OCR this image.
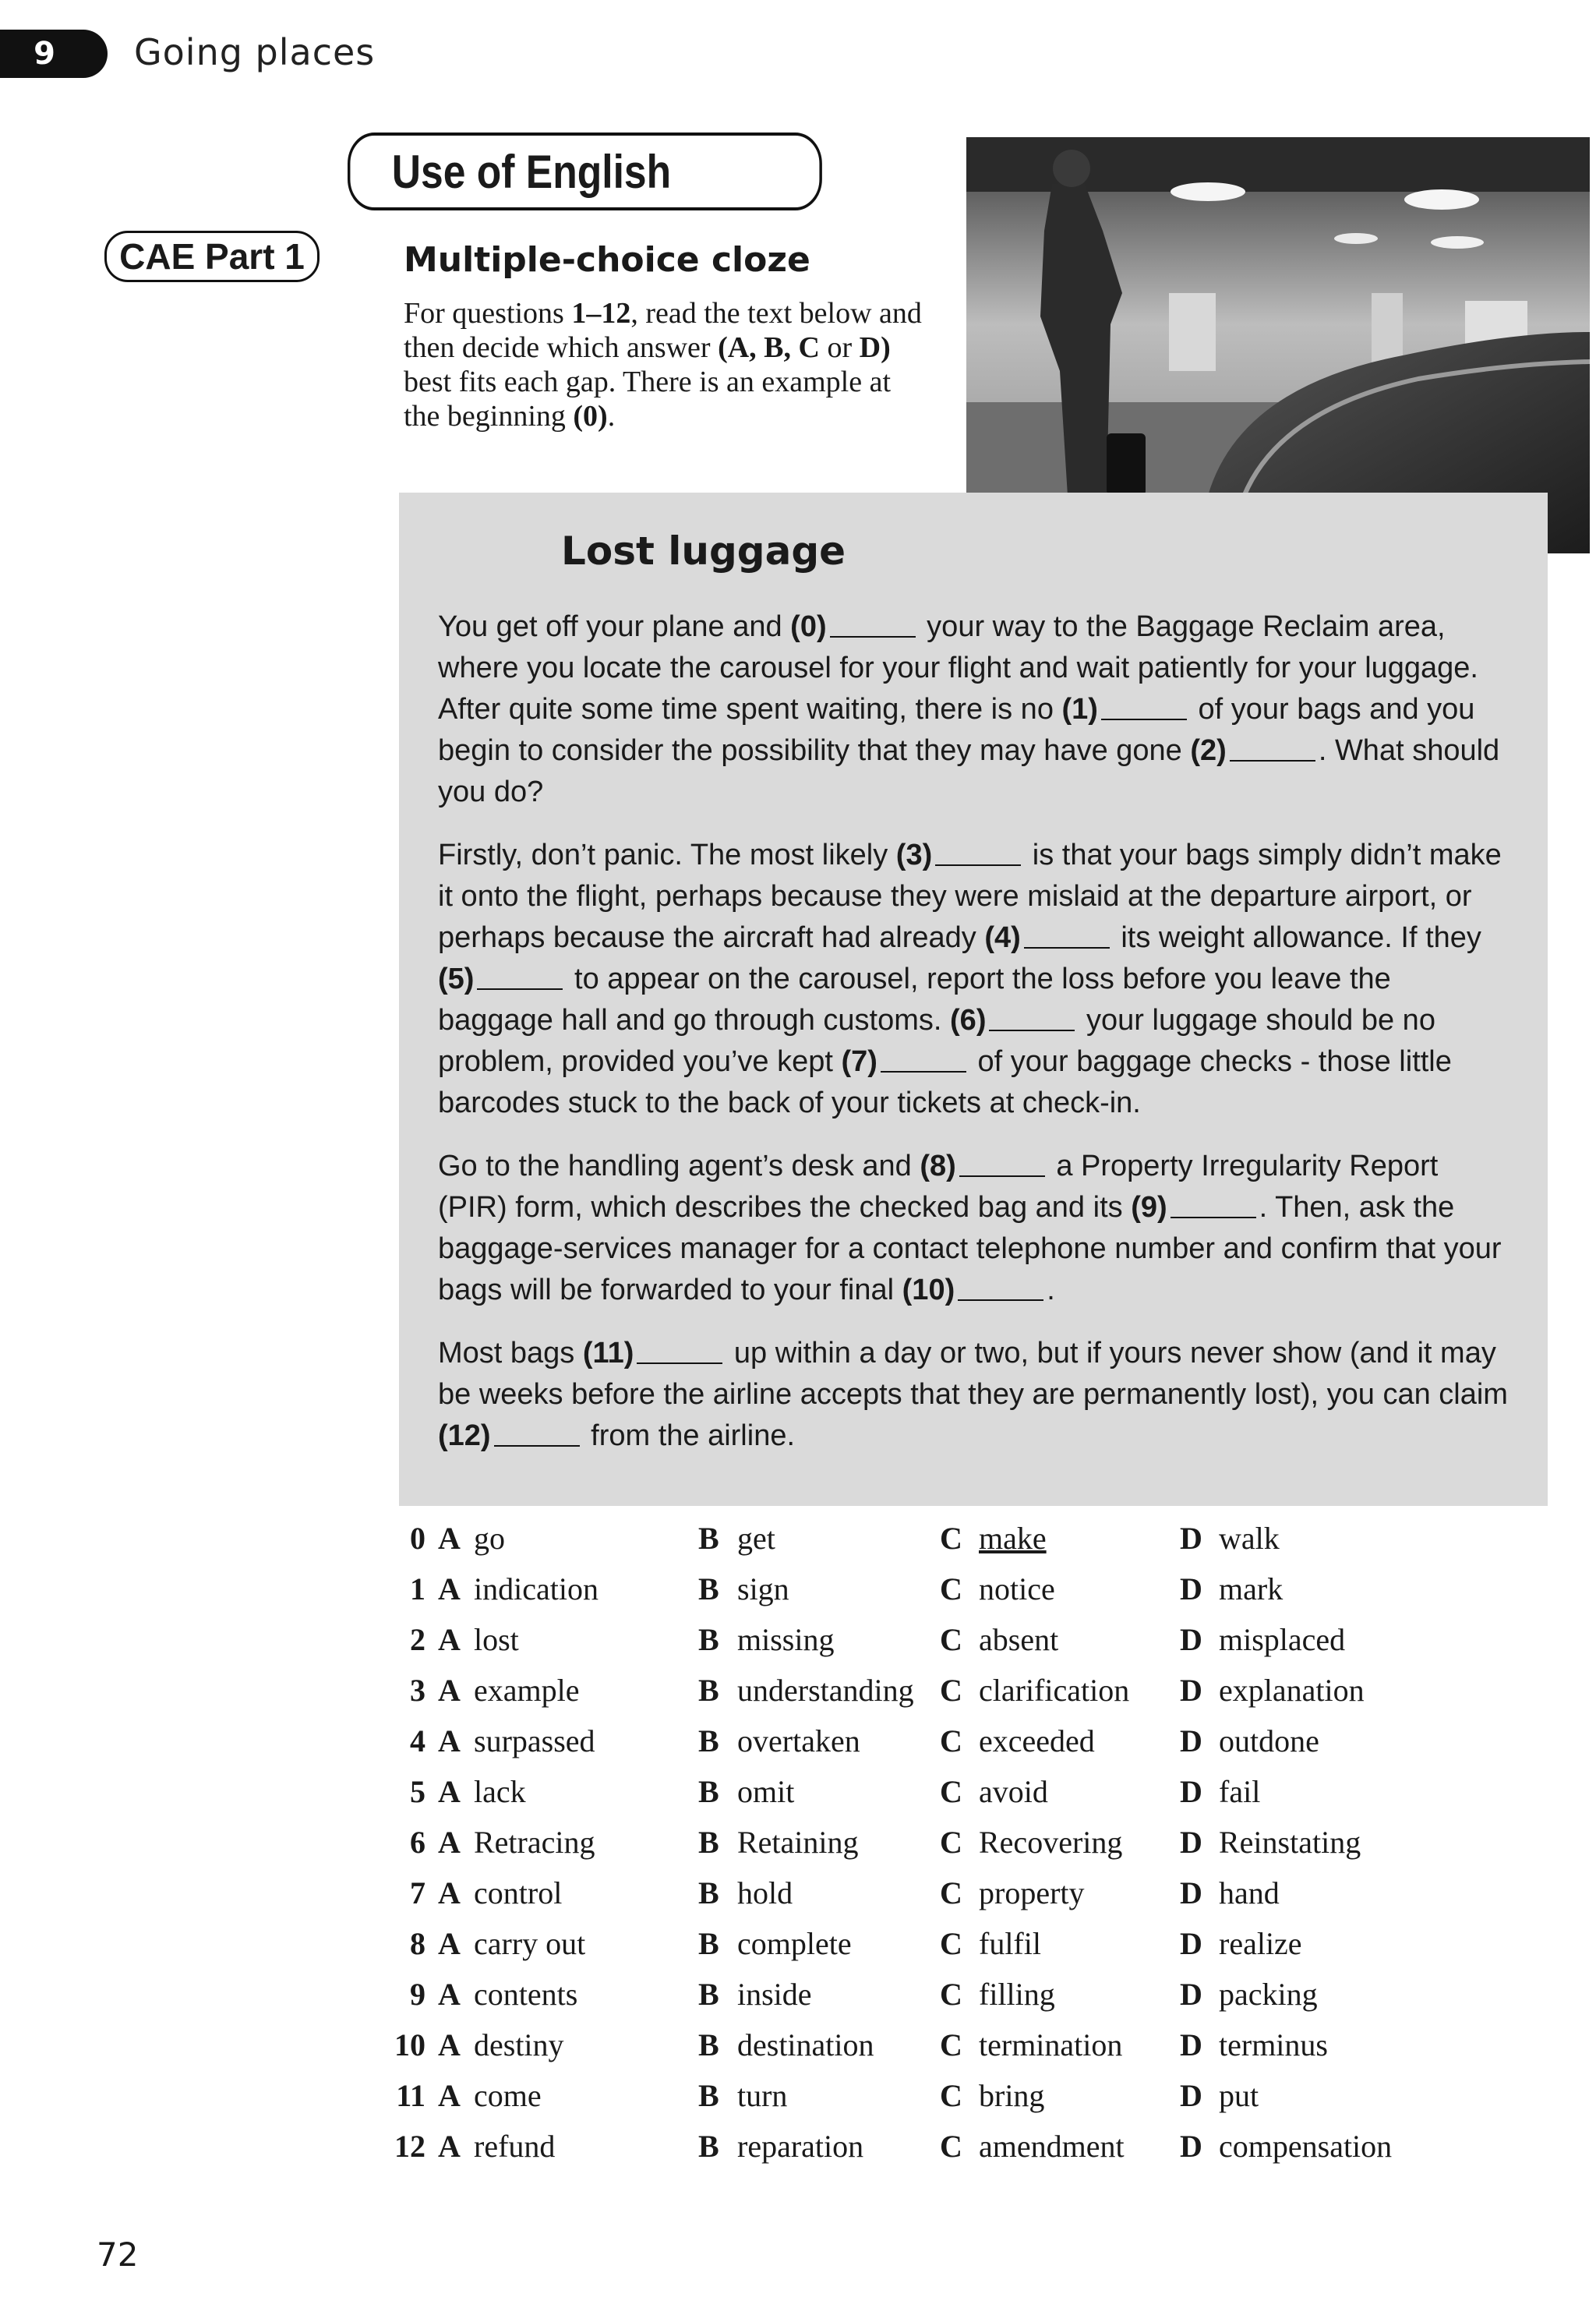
9 Going places
Use of English
CAE Part 1	Multiple-choice cloze
For questions 1–12, read the text below and then decide which answer (A, B, C or D) best fits each gap. There is an example at the beginning (0).
Lost luggage

You get off your plane and (0)	your way to the Baggage Reclaim area, where you locate the carousel for your flight and wait patiently for your luggage. After quite some time spent waiting, there is no (1)	of your bags and you begin to consider the possibility that they may have gone (2)	. What should you do?

Firstly, don’t panic. The most likely (3)	is that your bags simply didn’t make it onto the flight, perhaps because they were mislaid at the departure airport, or perhaps because the aircraft had already (4)	its weight allowance. If they (5)	to appear on the carousel, report the loss before you leave the baggage hall and go through customs. (6)	your luggage should be no problem, provided you’ve kept (7)	of your baggage checks - those little barcodes stuck to the back of your tickets at check-in.

Go to the handling agent’s desk and (8)	a Property Irregularity Report (PIR) form, which describes the checked bag and its (9)	. Then, ask the baggage-services manager for a contact telephone number and confirm that your bags will be forwarded to your final (10)	.

Most bags (11)	up within a day or two, but if yours never show (and it may be weeks before the airline accepts that they are permanently lost), you can claim (12)	from the airline.

0 A go	B get	C make	D walk
1 A indication	B sign	C notice	D mark
2 A lost	B missing	C absent	D misplaced
3 A example	B understanding C clarification D explanation
4 A surpassed	B overtaken	C exceeded	D outdone
5 A lack	B omit	C avoid	D fail
6 A Retracing	B Retaining	C Recovering D Reinstating
7 A control	B hold	C property	D hand
8 A carry out	B complete	C fulfil	D realize
9 A contents	B inside	C filling	D packing
10 A destiny	B destination C termination D terminus
11 A come	B turn	C bring	D put
12 A refund	B reparation C amendment D compensation
72
